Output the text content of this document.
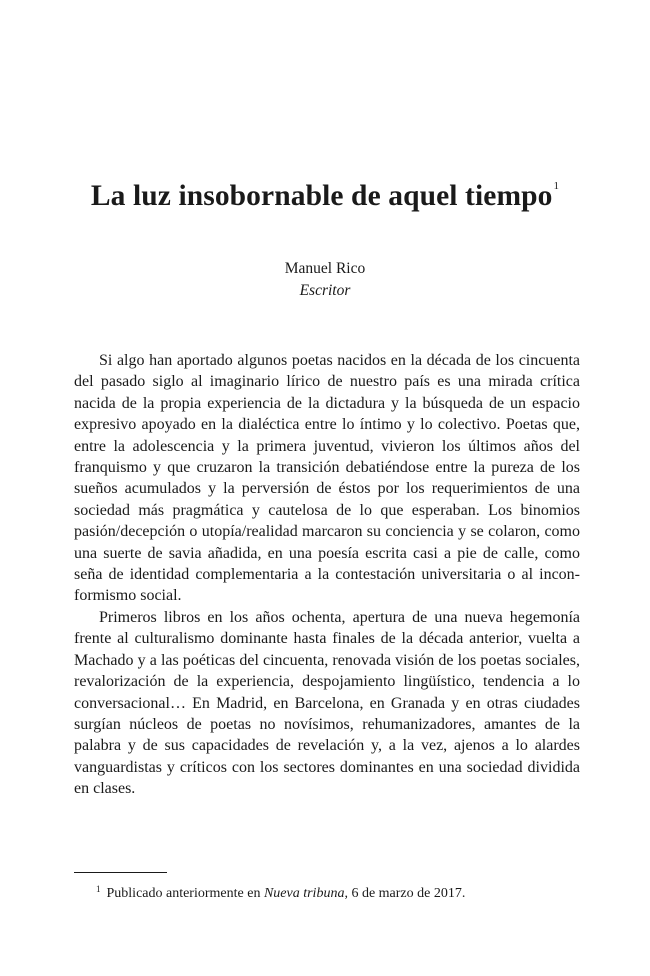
La luz insobornable de aquel tiempo$^1$
Manuel Rico
Escritor

Si algo han aportado algunos poetas nacidos en la década de los cincuenta del pasado siglo al imaginario lírico de nuestro país es una mirada crítica nacida de la propia experiencia de la dictadura y la búsqueda de un espacio expresivo apoyado en la dialéctica entre lo íntimo y lo colectivo. Poetas que, entre la adolescencia y la primera juventud, vivieron los últimos años del franquismo y que cruzaron la transición debatiéndose entre la pureza de los sueños acumulados y la perversión de éstos por los requerimientos de una sociedad más pragmática y cautelosa de lo que esperaban. Los binomios pasión/decepción o utopía/realidad marcaron su conciencia y se colaron, como una suerte de savia añadida, en una poesía escrita casi a pie de calle, como seña de identidad complementaria a la contestación universitaria o al inconformismo social.

Primeros libros en los años ochenta, apertura de una nueva hegemonía frente al culturalismo dominante hasta finales de la década anterior, vuelta a Machado y a las poéticas del cincuenta, renovada visión de los poetas sociales, revalorización de la experiencia, despojamiento lingüístico, tendencia a lo conversacional… En Madrid, en Barcelona, en Granada y en otras ciudades surgían núcleos de poetas no novísimos, rehumanizadores, amantes de la palabra y de sus capacidades de revelación y, a la vez, ajenos a lo alardes vanguardistas y críticos con los sectores dominantes en una sociedad dividida en clases.

$^1$ Publicado anteriormente en Nueva tribuna, 6 de marzo de 2017.
